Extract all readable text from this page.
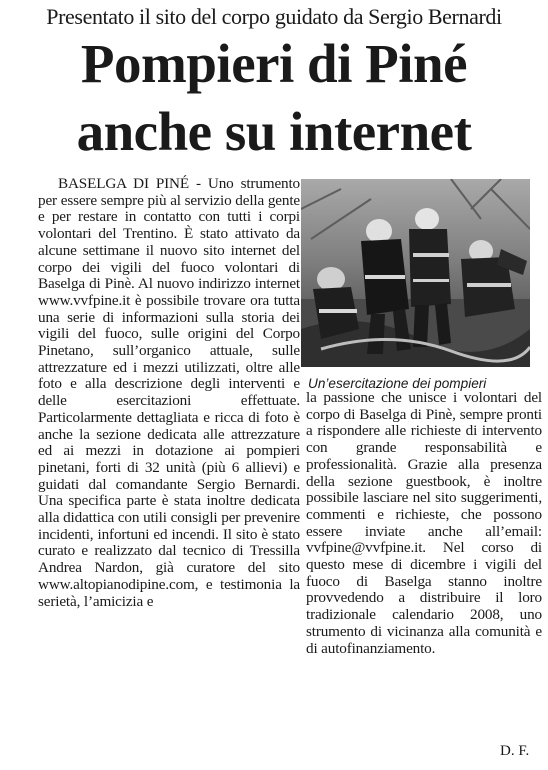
Presentato il sito del corpo guidato da Sergio Bernardi
Pompieri di Piné
anche su internet
BASELGA DI PINÉ - Uno strumento per essere sempre più al servizio della gente e per restare in contatto con tutti i corpi volontari del Trentino. È stato attivato da alcune settimane il nuovo sito internet del corpo dei vigili del fuoco volontari di Baselga di Pinè. Al nuovo indirizzo internet www.vvfpine.it è possibile trovare ora tutta una serie di informazioni sulla storia dei vigili del fuoco, sulle origini del Corpo Pinetano, sull’organico attuale, sulle attrezzature ed i mezzi utilizzati, oltre alle foto e alla descrizione degli interventi e delle esercitazioni effettuate. Particolarmente dettagliata e ricca di foto è anche la sezione dedicata alle attrezzature ed ai mezzi in dotazione ai pompieri pinetani, forti di 32 unità (più 6 allievi) e guidati dal comandante Sergio Bernardi. Una specifica parte è stata inoltre dedicata alla didattica con utili consigli per prevenire incidenti, infortuni ed incendi. Il sito è stato curato e realizzato dal tecnico di Tressilla Andrea Nardon, già curatore del sito www.altopianodipine.com, e testimonia la serietà, l’amicizia e
Un’esercitazione dei pompieri
la passione che unisce i volontari del corpo di Baselga di Pinè, sempre pronti a rispondere alle richieste di intervento con grande responsabilità e professionalità. Grazie alla presenza della sezione guestbook, è inoltre possibile lasciare nel sito suggerimenti, commenti e richieste, che possono essere inviate anche all’email: vvfpine@vvfpine.it. Nel corso di questo mese di dicembre i vigili del fuoco di Baselga stanno inoltre provvedendo a distribuire il loro tradizionale calendario 2008, uno strumento di vicinanza alla comunità e di autofinanziamento.
D. F.
